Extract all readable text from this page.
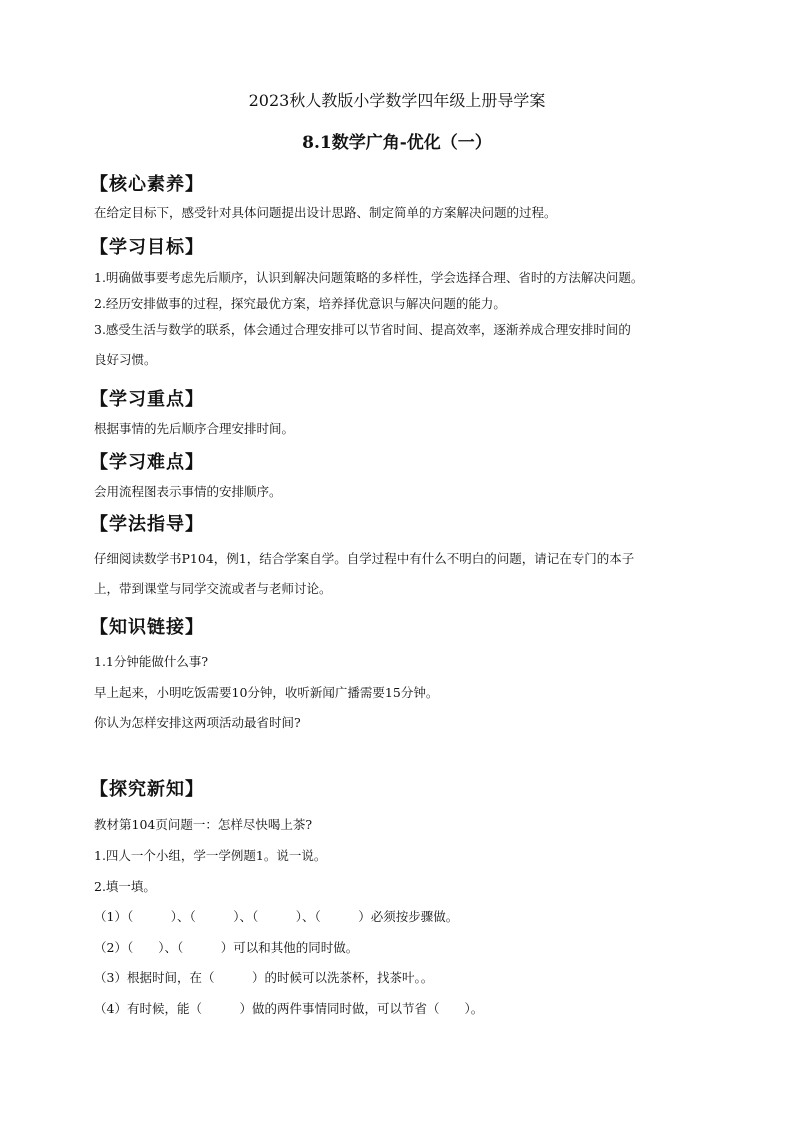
2023秋人教版小学数学四年级上册导学案
8.1数学广角-优化（一）
【核心素养】
在给定目标下，感受针对具体问题提出设计思路、制定简单的方案解决问题的过程。
【学习目标】
1.明确做事要考虑先后顺序，认识到解决问题策略的多样性，学会选择合理、省时的方法解决问题。
2.经历安排做事的过程，探究最优方案，培养择优意识与解决问题的能力。
3.感受生活与数学的联系，体会通过合理安排可以节省时间、提高效率，逐渐养成合理安排时间的
良好习惯。
【学习重点】
根据事情的先后顺序合理安排时间。
【学习难点】
会用流程图表示事情的安排顺序。
【学法指导】
仔细阅读数学书P104，例1，结合学案自学。自学过程中有什么不明白的问题，请记在专门的本子
上，带到课堂与同学交流或者与老师讨论。
【知识链接】
1.1分钟能做什么事?
早上起来，小明吃饭需要10分钟，收听新闻广播需要15分钟。
你认为怎样安排这两项活动最省时间?
【探究新知】
教材第104页问题一：怎样尽快喝上茶?
1.四人一个小组，学一学例题1。说一说。
2.填一填。
（1）（　　　）、（　　　）、（　　　）、（　　　）必须按步骤做。
（2）（　　）、（　　　）可以和其他的同时做。
（3）根据时间，在（　　　）的时候可以洗茶杯，找茶叶。。
（4）有时候，能（　　　）做的两件事情同时做，可以节省（　　）。
